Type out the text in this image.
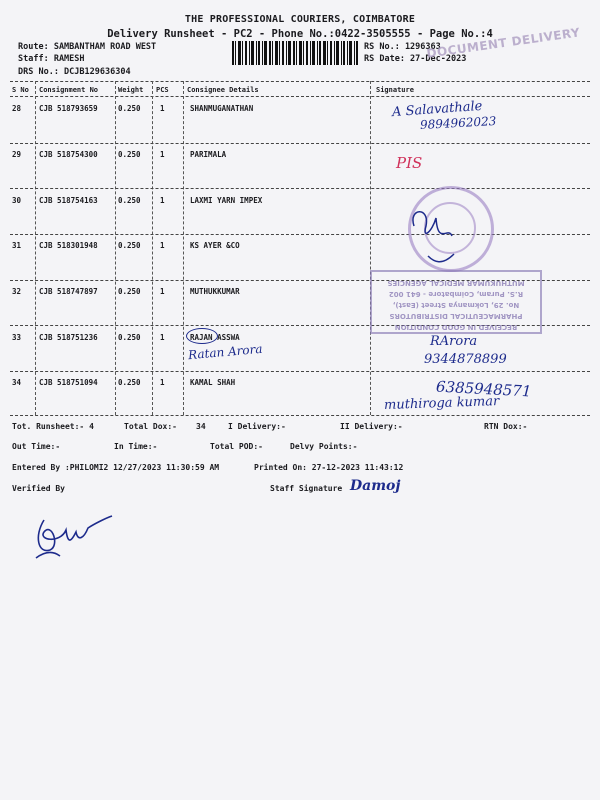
THE PROFESSIONAL COURIERS, COIMBATORE
Delivery Runsheet - PC2 - Phone No.:0422-3505555 - Page No.:4
Route: SAMBANTHAM ROAD WEST
Staff: RAMESH
DRS No.: DCJB129636304
RS No.: 1296363
RS Date: 27-Dec-2023
DOCUMENT DELIVERY
S No Consignment No	Weight PCS	Consignee Details	Signature
28 CJB 518793659	0.250	1	SHANMUGANATHAN
29 CJB 518754300	0.250	1	PARIMALA
30 CJB 518754163	0.250	1	LAXMI YARN IMPEX
31 CJB 518301948	0.250	1	KS AYER &CO
32 CJB 518747897	0.250	1	MUTHUKKUMAR
33 CJB 518751236	0.250	1	RAJAN ASSWA
34 CJB 518751094	0.250	1	KAMAL SHAH
RECEIVED IN GOOD CONDITION
PHARMACEUTICAL DISTRIBUTORS
No. 29, Lokmanya Street (East),
R.S. Puram, Coimbatore - 641 002
MUTHUKUMAR MEDICAL AGENCIES
A Salavathale
9894962023
PIS
Ratan Arora
RArora
9344878899
6385948571
muthiroga kumar
Tot. Runsheet:- 4	Total Dox:- 34	I Delivery:-	II Delivery:-	RTN Dox:-
Out Time:-	In Time:-	Total POD:-	Delvy Points:-
Entered By :PHILOMI2 12/27/2023 11:30:59 AM	Printed On: 27-12-2023 11:43:12
Verified By	Staff Signature Damoj
